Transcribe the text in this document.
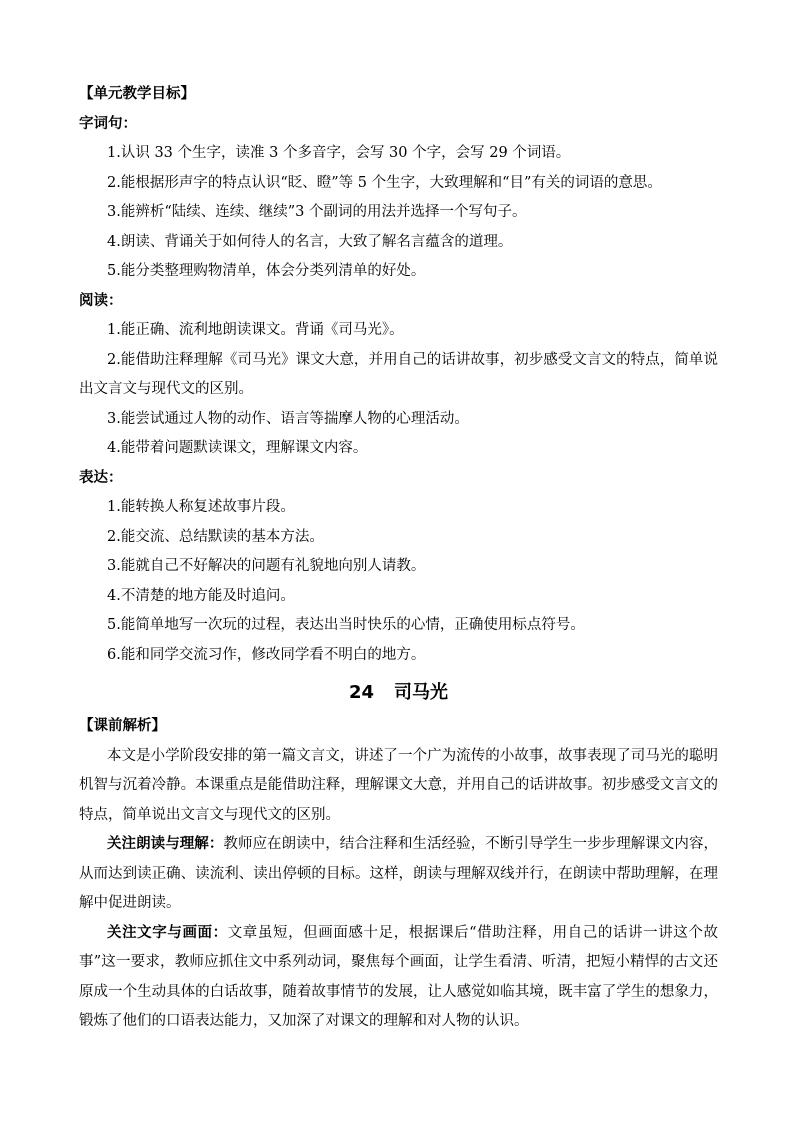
【单元教学目标】
字词句：
1.认识 33 个生字，读准 3 个多音字，会写 30 个字，会写 29 个词语。
2.能根据形声字的特点认识“眨、瞪”等 5 个生字，大致理解和“目”有关的词语的意思。
3.能辨析“陆续、连续、继续”3 个副词的用法并选择一个写句子。
4.朗读、背诵关于如何待人的名言，大致了解名言蕴含的道理。
5.能分类整理购物清单，体会分类列清单的好处。
阅读：
1.能正确、流利地朗读课文。背诵《司马光》。
2.能借助注释理解《司马光》课文大意，并用自己的话讲故事，初步感受文言文的特点，简单说出文言文与现代文的区别。
3.能尝试通过人物的动作、语言等揣摩人物的心理活动。
4.能带着问题默读课文，理解课文内容。
表达：
1.能转换人称复述故事片段。
2.能交流、总结默读的基本方法。
3.能就自己不好解决的问题有礼貌地向别人请教。
4.不清楚的地方能及时追问。
5.能简单地写一次玩的过程，表达出当时快乐的心情，正确使用标点符号。
6.能和同学交流习作，修改同学看不明白的地方。
24 司马光
【课前解析】
本文是小学阶段安排的第一篇文言文，讲述了一个广为流传的小故事，故事表现了司马光的聪明机智与沉着冷静。本课重点是能借助注释，理解课文大意，并用自己的话讲故事。初步感受文言文的特点，简单说出文言文与现代文的区别。
关注朗读与理解：教师应在朗读中，结合注释和生活经验，不断引导学生一步步理解课文内容，从而达到读正确、读流利、读出停顿的目标。这样，朗读与理解双线并行，在朗读中帮助理解，在理解中促进朗读。
关注文字与画面：文章虽短，但画面感十足，根据课后“借助注释，用自己的话讲一讲这个故事”这一要求，教师应抓住文中系列动词，聚焦每个画面，让学生看清、听清，把短小精悍的古文还原成一个生动具体的白话故事，随着故事情节的发展，让人感觉如临其境，既丰富了学生的想象力，锻炼了他们的口语表达能力，又加深了对课文的理解和对人物的认识。
